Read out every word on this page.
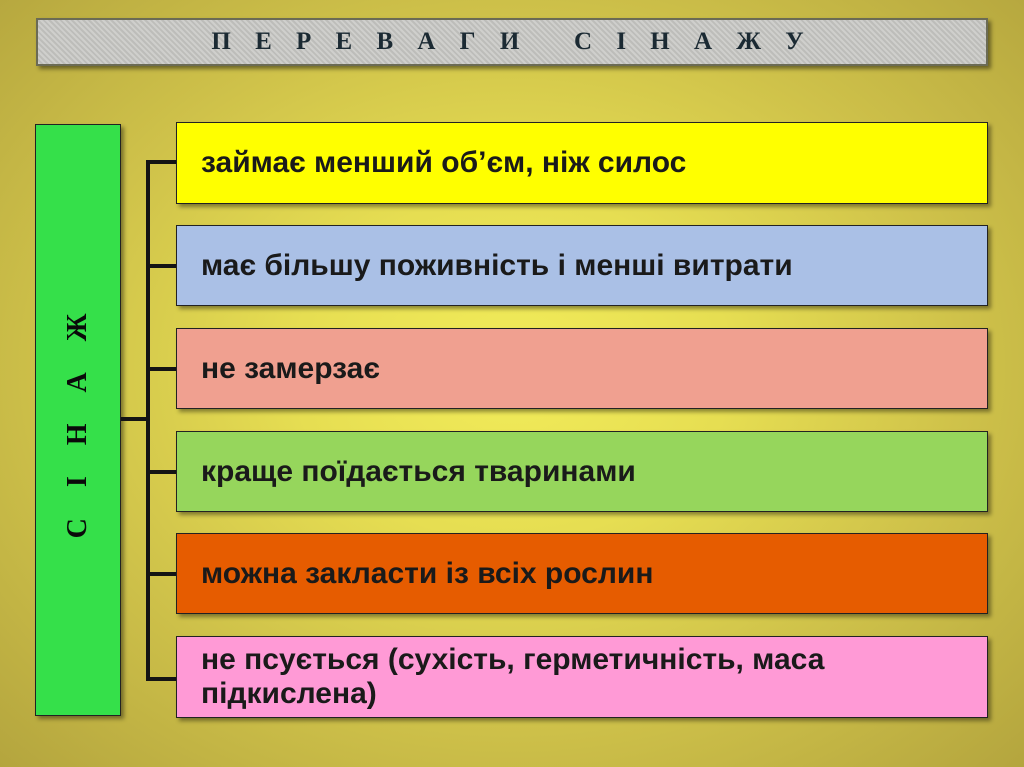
П Е Р Е В А Г И   С І Н А Ж У
С І Н А Ж
займає менший об’єм, ніж силос
має більшу поживність і менші витрати
не замерзає
краще поїдається тваринами
можна закласти із всіх рослин
не псується (сухість, герметичність, маса підкислена)
